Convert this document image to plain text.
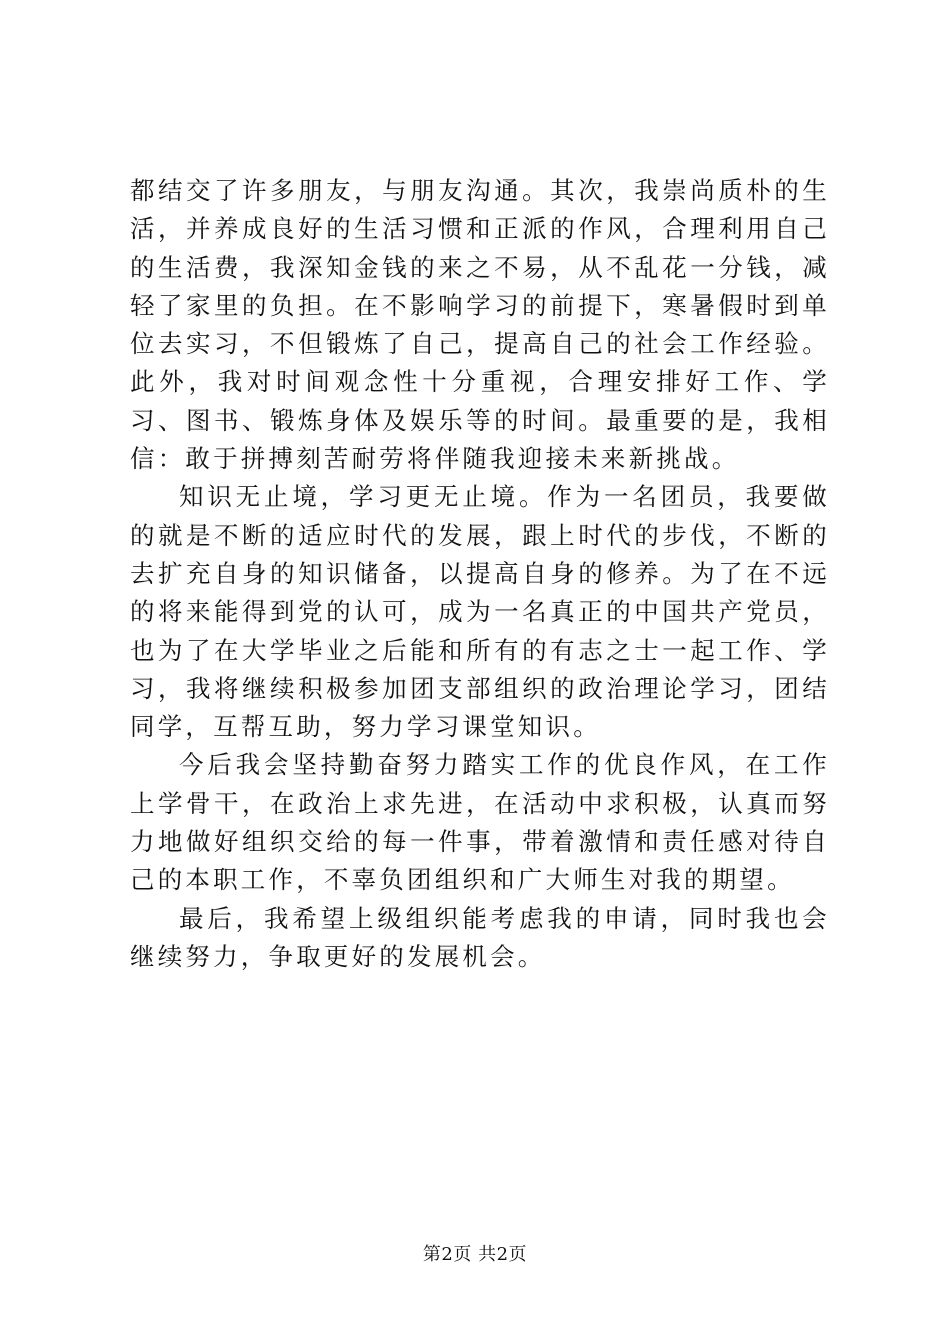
都结交了许多朋友，与朋友沟通。其次，我崇尚质朴的生活，并养成良好的生活习惯和正派的作风，合理利用自己的生活费，我深知金钱的来之不易，从不乱花一分钱，减轻了家里的负担。在不影响学习的前提下，寒暑假时到单位去实习，不但锻炼了自己，提高自己的社会工作经验。此外，我对时间观念性十分重视，合理安排好工作、学习、图书、锻炼身体及娱乐等的时间。最重要的是，我相信：敢于拼搏刻苦耐劳将伴随我迎接未来新挑战。

知识无止境，学习更无止境。作为一名团员，我要做的就是不断的适应时代的发展，跟上时代的步伐，不断的去扩充自身的知识储备，以提高自身的修养。为了在不远的将来能得到党的认可，成为一名真正的中国共产党员，也为了在大学毕业之后能和所有的有志之士一起工作、学习，我将继续积极参加团支部组织的政治理论学习，团结同学，互帮互助，努力学习课堂知识。

今后我会坚持勤奋努力踏实工作的优良作风，在工作上学骨干，在政治上求先进，在活动中求积极，认真而努力地做好组织交给的每一件事，带着激情和责任感对待自己的本职工作，不辜负团组织和广大师生对我的期望。

最后，我希望上级组织能考虑我的申请，同时我也会继续努力，争取更好的发展机会。

第2页 共2页
